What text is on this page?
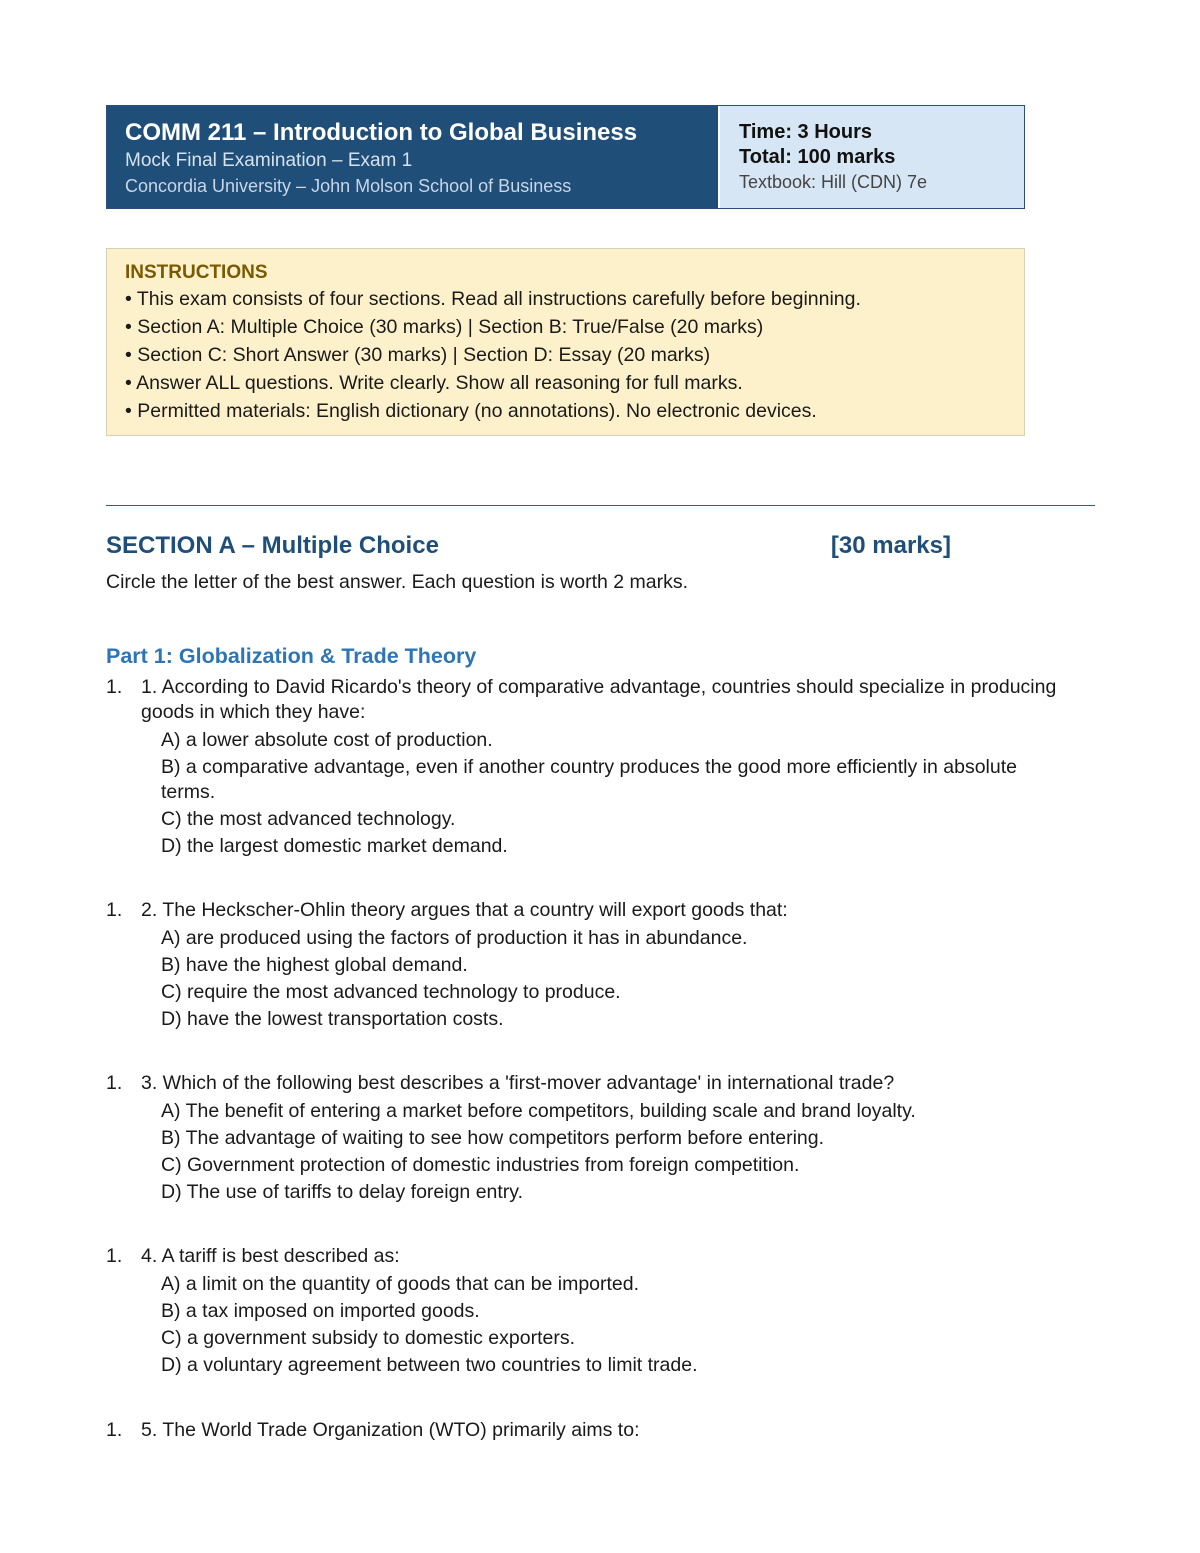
COMM 211 – Introduction to Global Business
Mock Final Examination – Exam 1
Concordia University – John Molson School of Business
Time: 3 Hours
Total: 100 marks
Textbook: Hill (CDN) 7e
INSTRUCTIONS
• This exam consists of four sections. Read all instructions carefully before beginning.
• Section A: Multiple Choice (30 marks) | Section B: True/False (20 marks)
• Section C: Short Answer (30 marks) | Section D: Essay (20 marks)
• Answer ALL questions. Write clearly. Show all reasoning for full marks.
• Permitted materials: English dictionary (no annotations). No electronic devices.
SECTION A – Multiple Choice	[30 marks]
Circle the letter of the best answer. Each question is worth 2 marks.
Part 1: Globalization & Trade Theory
1. 1. According to David Ricardo's theory of comparative advantage, countries should specialize in producing goods in which they have:
A) a lower absolute cost of production.
B) a comparative advantage, even if another country produces the good more efficiently in absolute terms.
C) the most advanced technology.
D) the largest domestic market demand.
1. 2. The Heckscher-Ohlin theory argues that a country will export goods that:
A) are produced using the factors of production it has in abundance.
B) have the highest global demand.
C) require the most advanced technology to produce.
D) have the lowest transportation costs.
1. 3. Which of the following best describes a 'first-mover advantage' in international trade?
A) The benefit of entering a market before competitors, building scale and brand loyalty.
B) The advantage of waiting to see how competitors perform before entering.
C) Government protection of domestic industries from foreign competition.
D) The use of tariffs to delay foreign entry.
1. 4. A tariff is best described as:
A) a limit on the quantity of goods that can be imported.
B) a tax imposed on imported goods.
C) a government subsidy to domestic exporters.
D) a voluntary agreement between two countries to limit trade.
1. 5. The World Trade Organization (WTO) primarily aims to:
